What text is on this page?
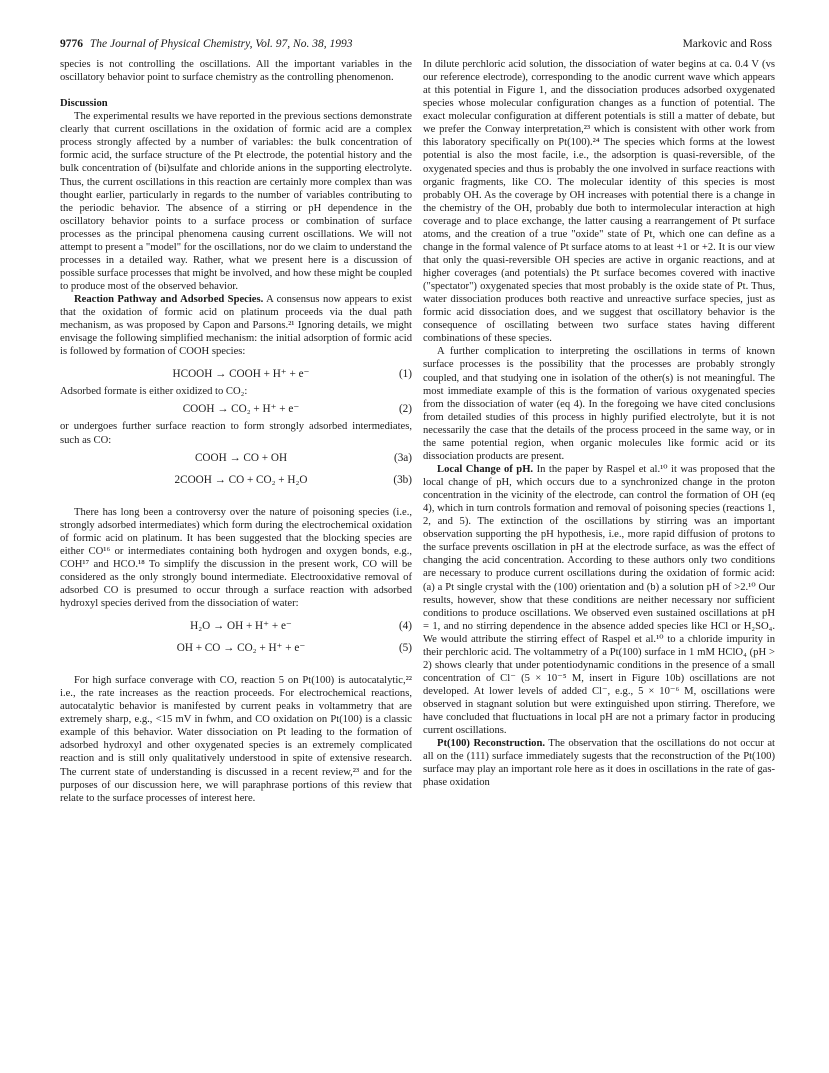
9776 The Journal of Physical Chemistry, Vol. 97, No. 38, 1993	Markovic and Ross

species is not controlling the oscillations. All the important variables in the oscillatory behavior point to surface chemistry as the controlling phenomenon.

Discussion

The experimental results we have reported in the previous sections demonstrate clearly that current oscillations in the oxidation of formic acid are a complex process strongly affected by a number of variables: the bulk concentration of formic acid, the surface structure of the Pt electrode, the potential history and the bulk concentration of (bi)sulfate and chloride anions in the supporting electrolyte. Thus, the current oscillations in this reaction are certainly more complex than was thought earlier, particularly in regards to the number of variables contributing to the periodic behavior. The absence of a stirring or pH dependence in the oscillatory behavior points to a surface process or combination of surface processes as the principal phenomena causing current oscillations. We will not attempt to present a "model" for the oscillations, nor do we claim to understand the processes in a detailed way. Rather, what we present here is a discussion of possible surface processes that might be involved, and how these might be coupled to produce most of the observed behavior.

Reaction Pathway and Adsorbed Species. A consensus now appears to exist that the oxidation of formic acid on platinum proceeds via the dual path mechanism, as was proposed by Capon and Parsons.²¹ Ignoring details, we might envisage the following simplified mechanism: the initial adsorption of formic acid is followed by formation of COOH species:

HCOOH → COOH + H⁺ + e⁻	(1)

Adsorbed formate is either oxidized to CO₂:

COOH → CO₂ + H⁺ + e⁻	(2)

or undergoes further surface reaction to form strongly adsorbed intermediates, such as CO:

COOH → CO + OH	(3a)
2COOH → CO + CO₂ + H₂O	(3b)

There has long been a controversy over the nature of poisoning species (i.e., strongly adsorbed intermediates) which form during the electrochemical oxidation of formic acid on platinum. It has been suggested that the blocking species are either CO¹⁶ or intermediates containing both hydrogen and oxygen bonds, e.g., COH¹⁷ and HCO.¹⁸ To simplify the discussion in the present work, CO will be considered as the only strongly bound intermediate. Electrooxidative removal of adsorbed CO is presumed to occur through a surface reaction with adsorbed hydroxyl species derived from the dissociation of water:

H₂O → OH + H⁺ + e⁻	(4)
OH + CO → CO₂ + H⁺ + e⁻	(5)

For high surface converage with CO, reaction 5 on Pt(100) is autocatalytic,²² i.e., the rate increases as the reaction proceeds. For electrochemical reactions, autocatalytic behavior is manifested by current peaks in voltammetry that are extremely sharp, e.g., <15 mV in fwhm, and CO oxidation on Pt(100) is a classic example of this behavior. Water dissociation on Pt leading to the formation of adsorbed hydroxyl and other oxygenated species is an extremely complicated reaction and is still only qualitatively understood in spite of extensive research. The current state of understanding is discussed in a recent review,²³ and for the purposes of our discussion here, we will paraphrase portions of this review that relate to the surface processes of interest here.

In dilute perchloric acid solution, the dissociation of water begins at ca. 0.4 V (vs our reference electrode), corresponding to the anodic current wave which appears at this potential in Figure 1, and the dissociation produces adsorbed oxygenated species whose molecular configuration changes as a function of potential. The exact molecular configuration at different potentials is still a matter of debate, but we prefer the Conway interpretation,²³ which is consistent with other work from this laboratory specifically on Pt(100).²⁴ The species which forms at the lowest potential is also the most facile, i.e., the adsorption is quasi-reversible, of the oxygenated species and thus is probably the one involved in surface reactions with organic fragments, like CO. The molecular identity of this species is most probably OH. As the coverage by OH increases with potential there is a change in the chemistry of the OH, probably due both to intermolecular interaction at high coverage and to place exchange, the latter causing a rearrangement of Pt surface atoms, and the creation of a true "oxide" state of Pt, which one can define as a change in the formal valence of Pt surface atoms to at least +1 or +2. It is our view that only the quasi-reversible OH species are active in organic reactions, and at higher coverages (and potentials) the Pt surface becomes covered with inactive ("spectator") oxygenated species that most probably is the oxide state of Pt. Thus, water dissociation produces both reactive and unreactive surface species, just as formic acid dissociation does, and we suggest that oscillatory behavior is the consequence of oscillating between two surface states having different combinations of these species.

A further complication to interpreting the oscillations in terms of known surface processes is the possibility that the processes are probably strongly coupled, and that studying one in isolation of the other(s) is not meaningful. The most immediate example of this is the formation of various oxygenated species from the dissociation of water (eq 4). In the foregoing we have cited conclusions from detailed studies of this process in highly purified electrolyte, but it is not necessarily the case that the details of the process proceed in the same way, or in the same potential region, when organic molecules like formic acid or its dissociation products are present.

Local Change of pH. In the paper by Raspel et al.¹⁰ it was proposed that the local change of pH, which occurs due to a synchronized change in the proton concentration in the vicinity of the electrode, can control the formation of OH (eq 4), which in turn controls formation and removal of poisoning species (reactions 1, 2, and 5). The extinction of the oscillations by stirring was an important observation supporting the pH hypothesis, i.e., more rapid diffusion of protons to the surface prevents oscillation in pH at the electrode surface, as was the effect of changing the acid concentration. According to these authors only two conditions are necessary to produce current oscillations during the oxidation of formic acid: (a) a Pt single crystal with the (100) orientation and (b) a solution pH of >2.¹⁰ Our results, however, show that these conditions are neither necessary nor sufficient conditions to produce oscillations. We observed even sustained oscillations at pH = 1, and no stirring dependence in the absence added species like HCl or H₂SO₄. We would attribute the stirring effect of Raspel et al.¹⁰ to a chloride impurity in their perchloric acid. The voltammetry of a Pt(100) surface in 1 mM HClO₄ (pH > 2) shows clearly that under potentiodynamic conditions in the presence of a small concentration of Cl⁻ (5 × 10⁻⁵ M, insert in Figure 10b) oscillations are not developed. At lower levels of added Cl⁻, e.g., 5 × 10⁻⁶ M, oscillations were observed in stagnant solution but were extinguished upon stirring. Therefore, we have concluded that fluctuations in local pH are not a primary factor in producing current oscillations.

Pt(100) Reconstruction. The observation that the oscillations do not occur at all on the (111) surface immediately sugests that the reconstruction of the Pt(100) surface may play an important role here as it does in oscillations in the rate of gas-phase oxidation
